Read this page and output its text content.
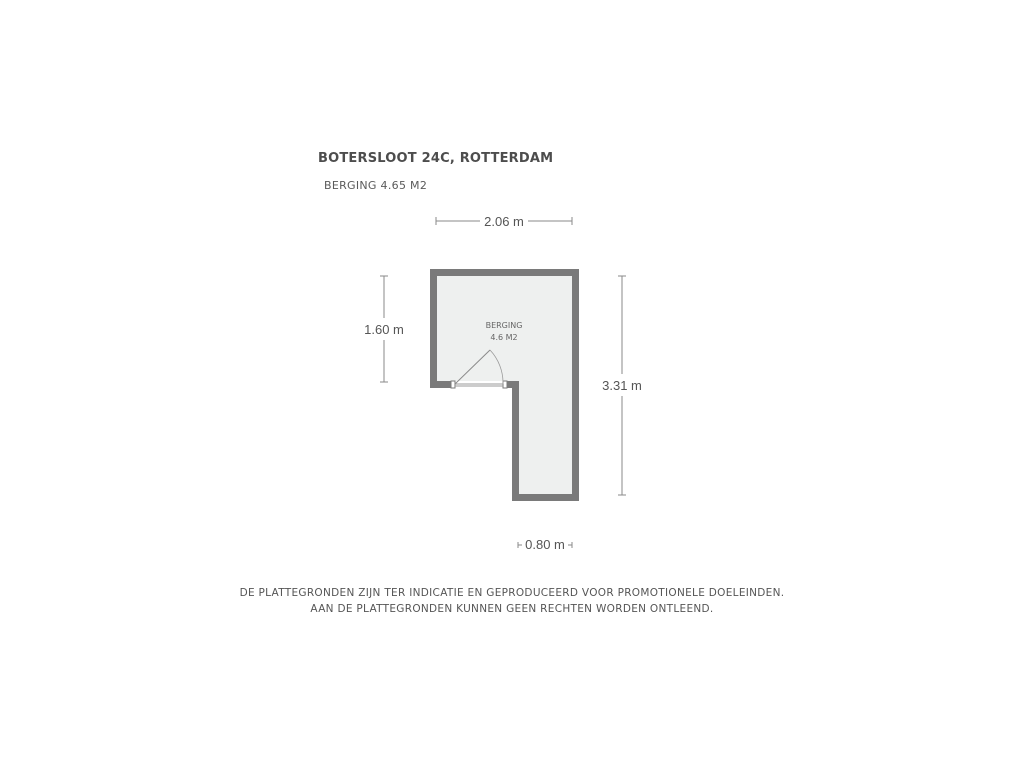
BOTERSLOOT 24C, ROTTERDAM
BERGING 4.65 M2
2.06 m
1.60 m
3.31 m
0.80 m
BERGING
4.6 M2
DE PLATTEGRONDEN ZIJN TER INDICATIE EN GEPRODUCEERD VOOR PROMOTIONELE DOELEINDEN.
AAN DE PLATTEGRONDEN KUNNEN GEEN RECHTEN WORDEN ONTLEEND.
